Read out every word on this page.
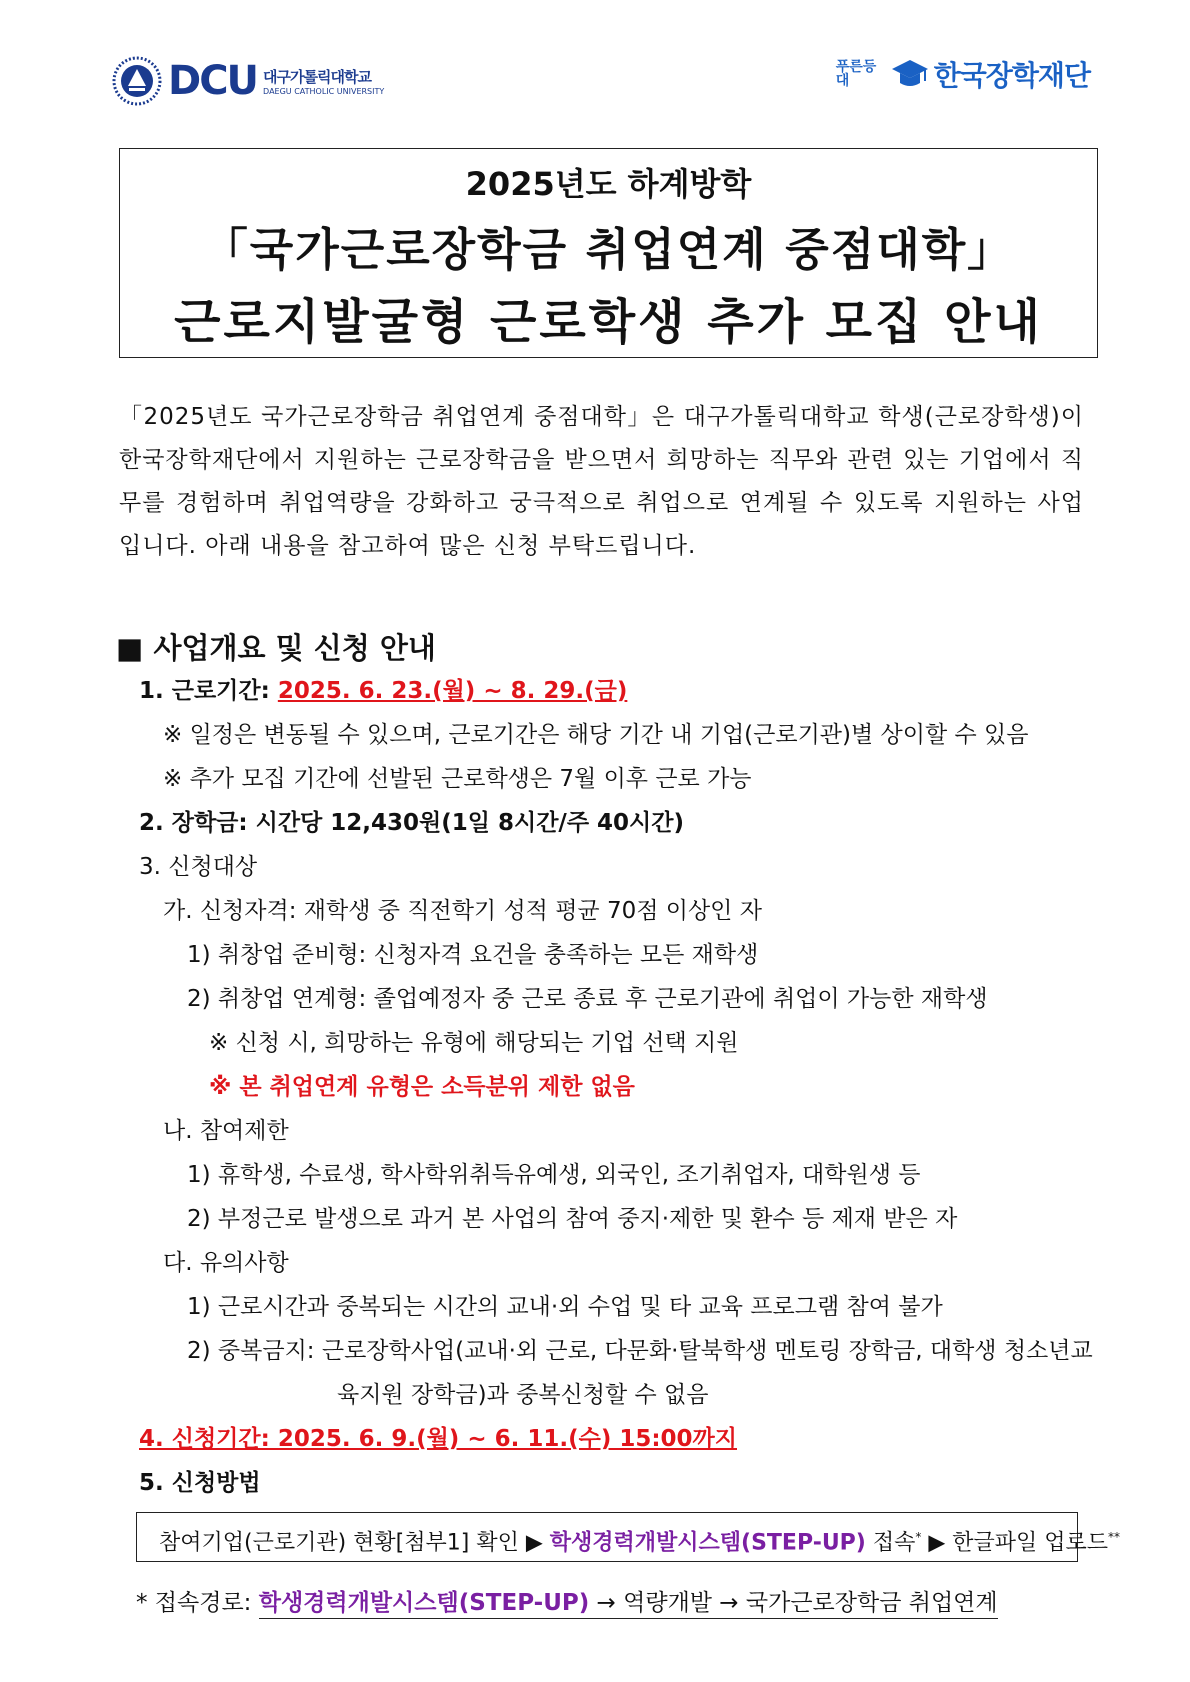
DCU 대구가톨릭대학교
DAEGU CATHOLIC UNIVERSITY
푸른등대	한국장학재단
2025년도 하계방학
「국가근로장학금 취업연계 중점대학」
근로지발굴형 근로학생 추가 모집 안내
「2025년도 국가근로장학금 취업연계 중점대학」은 대구가톨릭대학교 학생(근로장학생)이 한국장학재단에서 지원하는 근로장학금을 받으면서 희망하는 직무와 관련 있는 기업에서 직무를 경험하며 취업역량을 강화하고 궁극적으로 취업으로 연계될 수 있도록 지원하는 사업입니다. 아래 내용을 참고하여 많은 신청 부탁드립니다.
■ 사업개요 및 신청 안내
1. 근로기간: 2025. 6. 23.(월) ~ 8. 29.(금)
※ 일정은 변동될 수 있으며, 근로기간은 해당 기간 내 기업(근로기관)별 상이할 수 있음
※ 추가 모집 기간에 선발된 근로학생은 7월 이후 근로 가능
2. 장학금: 시간당 12,430원(1일 8시간/주 40시간)
3. 신청대상
가. 신청자격: 재학생 중 직전학기 성적 평균 70점 이상인 자
1) 취창업 준비형: 신청자격 요건을 충족하는 모든 재학생
2) 취창업 연계형: 졸업예정자 중 근로 종료 후 근로기관에 취업이 가능한 재학생
※ 신청 시, 희망하는 유형에 해당되는 기업 선택 지원
※ 본 취업연계 유형은 소득분위 제한 없음
나. 참여제한
1) 휴학생, 수료생, 학사학위취득유예생, 외국인, 조기취업자, 대학원생 등
2) 부정근로 발생으로 과거 본 사업의 참여 중지·제한 및 환수 등 제재 받은 자
다. 유의사항
1) 근로시간과 중복되는 시간의 교내·외 수업 및 타 교육 프로그램 참여 불가
2) 중복금지: 근로장학사업(교내·외 근로, 다문화·탈북학생 멘토링 장학금, 대학생 청소년교
육지원 장학금)과 중복신청할 수 없음
4. 신청기간: 2025. 6. 9.(월) ~ 6. 11.(수) 15:00까지
5. 신청방법
참여기업(근로기관) 현황[첨부1] 확인 ▶ 학생경력개발시스템(STEP-UP) 접속* ▶ 한글파일 업로드**
* 접속경로: 학생경력개발시스템(STEP-UP) → 역량개발 → 국가근로장학금 취업연계
